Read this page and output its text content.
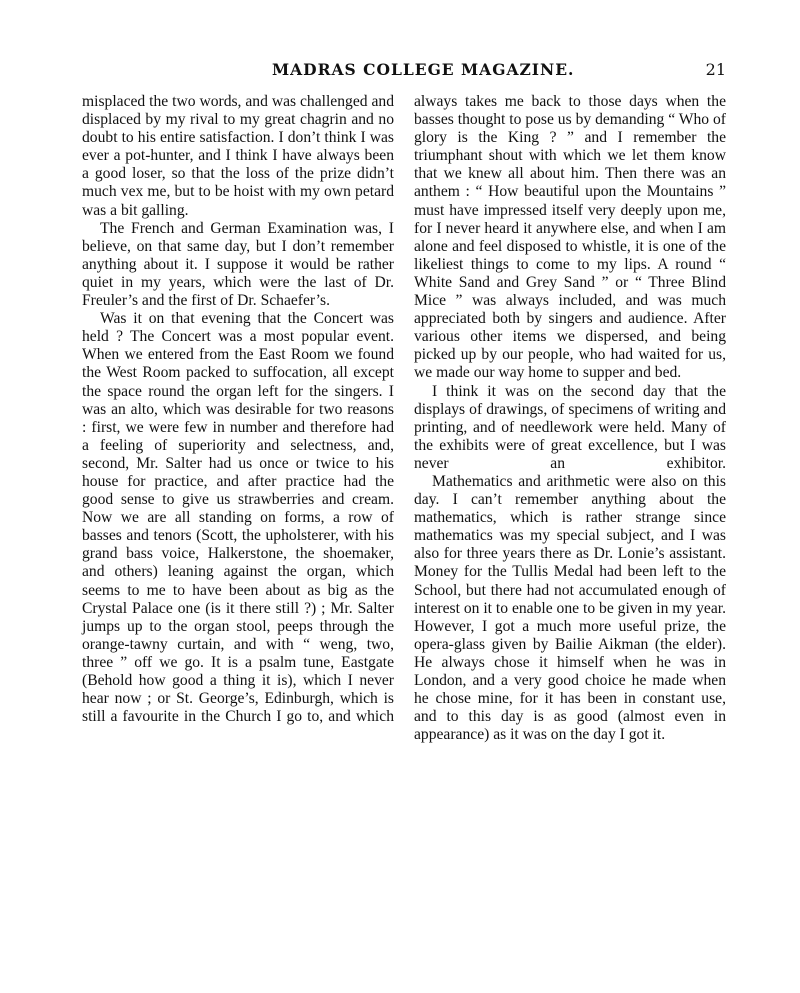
MADRAS COLLEGE MAGAZINE.	21

misplaced the two words, and was challenged and displaced by my rival to my great chagrin and no doubt to his entire satisfaction. I don’t think I was ever a pot-hunter, and I think I have always been a good loser, so that the loss of the prize didn’t much vex me, but to be hoist with my own petard was a bit galling.

The French and German Examination was, I believe, on that same day, but I don’t remember anything about it. I suppose it would be rather quiet in my years, which were the last of Dr. Freuler’s and the first of Dr. Schaefer’s.

Was it on that evening that the Concert was held ? The Concert was a most popular event. When we entered from the East Room we found the West Room packed to suffocation, all except the space round the organ left for the singers. I was an alto, which was desirable for two reasons : first, we were few in number and therefore had a feeling of superiority and selectness, and, second, Mr. Salter had us once or twice to his house for practice, and after practice had the good sense to give us strawberries and cream. Now we are all standing on forms, a row of basses and tenors (Scott, the upholsterer, with his grand bass voice, Halkerstone, the shoemaker, and others) leaning against the organ, which seems to me to have been about as big as the Crystal Palace one (is it there still ?) ; Mr. Salter jumps up to the organ stool, peeps through the orange-tawny curtain, and with “ weng, two, three ” off we go. It is a psalm tune, Eastgate (Behold how good a thing it is), which I never hear now ; or St. George’s, Edinburgh, which is still a favourite in the Church I go to, and which

always takes me back to those days when the basses thought to pose us by demanding “ Who of glory is the King ? ” and I remember the triumphant shout with which we let them know that we knew all about him. Then there was an anthem : “ How beautiful upon the Mountains ” must have impressed itself very deeply upon me, for I never heard it anywhere else, and when I am alone and feel disposed to whistle, it is one of the likeliest things to come to my lips. A round “ White Sand and Grey Sand ” or “ Three Blind Mice ” was always included, and was much appreciated both by singers and audience. After various other items we dispersed, and being picked up by our people, who had waited for us, we made our way home to supper and bed.

I think it was on the second day that the displays of drawings, of specimens of writing and printing, and of needlework were held. Many of the exhibits were of great excellence, but I was never an exhibitor.

Mathematics and arithmetic were also on this day. I can’t remember anything about the mathematics, which is rather strange since mathematics was my special subject, and I was also for three years there as Dr. Lonie’s assistant. Money for the Tullis Medal had been left to the School, but there had not accumulated enough of interest on it to enable one to be given in my year. However, I got a much more useful prize, the opera-glass given by Bailie Aikman (the elder). He always chose it himself when he was in London, and a very good choice he made when he chose mine, for it has been in constant use, and to this day is as good (almost even in appearance) as it was on the day I got it.
